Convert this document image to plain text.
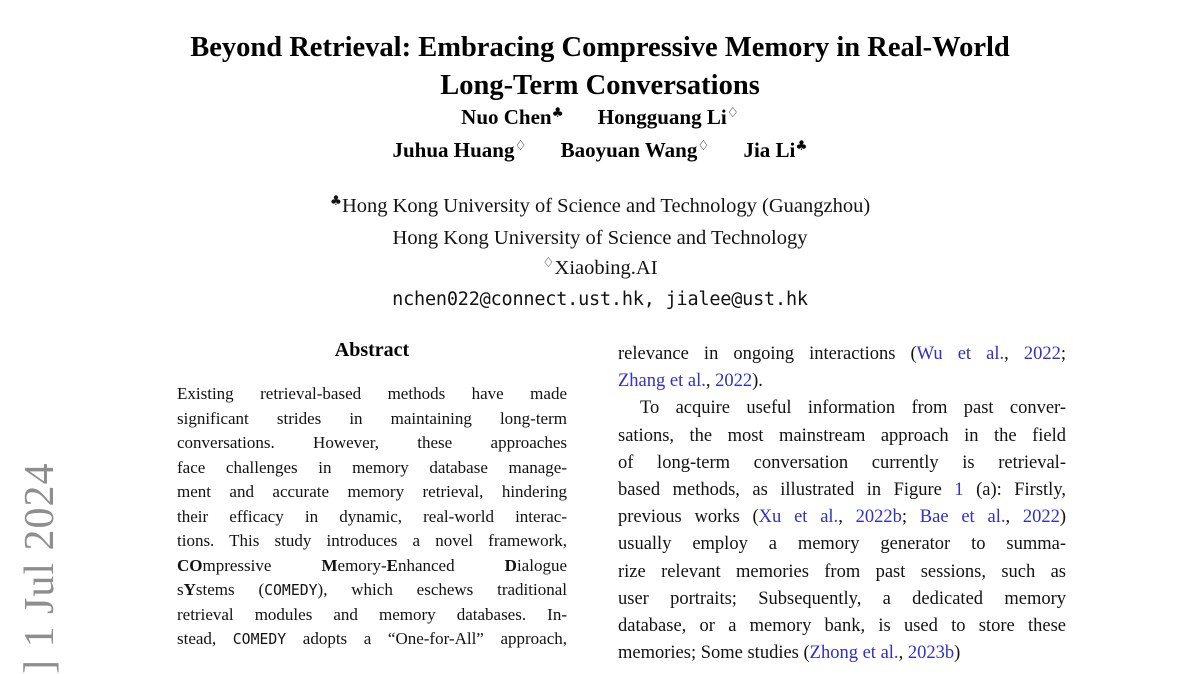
] 1 Jul 2024
Beyond Retrieval: Embracing Compressive Memory in Real-World
Long-Term Conversations
Nuo Chen♣ Hongguang Li♢
Juhua Huang♢ Baoyuan Wang♢ Jia Li♣
♣Hong Kong University of Science and Technology (Guangzhou)
Hong Kong University of Science and Technology
♢Xiaobing.AI
nchen022@connect.ust.hk, jialee@ust.hk
Abstract
Existing retrieval-based methods have made
significant strides in maintaining long-term
conversations. However, these approaches
face challenges in memory database manage-
ment and accurate memory retrieval, hindering
their efficacy in dynamic, real-world interac-
tions. This study introduces a novel framework,
COmpressive Memory-Enhanced Dialogue
sYstems (COMEDY), which eschews traditional
retrieval modules and memory databases. In-
stead, COMEDY adopts a “One-for-All” approach,
relevance in ongoing interactions (Wu et al., 2022;
Zhang et al., 2022).
To acquire useful information from past conver-
sations, the most mainstream approach in the field
of long-term conversation currently is retrieval-
based methods, as illustrated in Figure 1 (a): Firstly,
previous works (Xu et al., 2022b; Bae et al., 2022)
usually employ a memory generator to summa-
rize relevant memories from past sessions, such as
user portraits; Subsequently, a dedicated memory
database, or a memory bank, is used to store these
memories; Some studies (Zhong et al., 2023b)
